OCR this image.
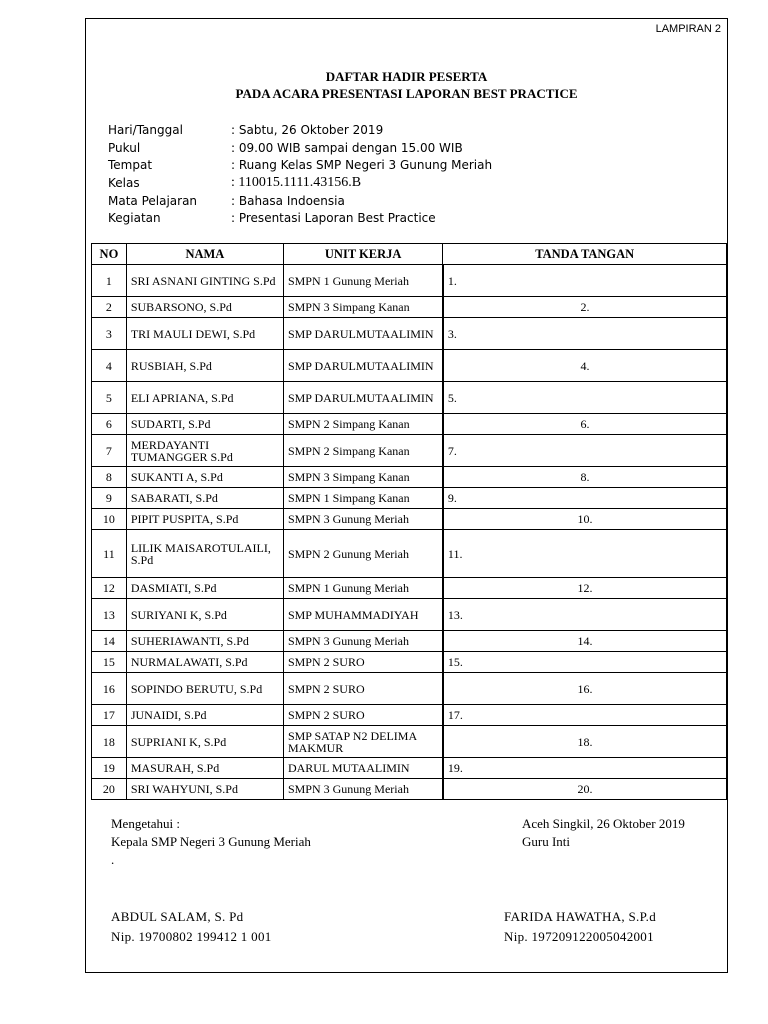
LAMPIRAN 2
DAFTAR HADIR PESERTA
PADA ACARA PRESENTASI LAPORAN BEST PRACTICE
Hari/Tanggal	: Sabtu, 26 Oktober 2019
Pukul	: 09.00 WIB sampai dengan 15.00 WIB
Tempat	: Ruang Kelas SMP Negeri 3 Gunung Meriah
Kelas	: 110015.1111.43156.B
Mata Pelajaran	: Bahasa Indoensia
Kegiatan	: Presentasi Laporan Best Practice
NO	NAMA	UNIT KERJA	TANDA TANGAN
1	SRI ASNANI GINTING S.Pd	SMPN 1 Gunung Meriah	1.
2	SUBARSONO, S.Pd	SMPN 3 Simpang Kanan	2.
3	TRI MAULI DEWI, S.Pd	SMP DARULMUTAALIMIN	3.
4	RUSBIAH, S.Pd	SMP DARULMUTAALIMIN	4.
5	ELI APRIANA, S.Pd	SMP DARULMUTAALIMIN	5.
6	SUDARTI, S.Pd	SMPN 2 Simpang Kanan	6.
7	MERDAYANTI TUMANGGER S.Pd	SMPN 2 Simpang Kanan	7.
8	SUKANTI A, S.Pd	SMPN 3 Simpang Kanan	8.
9	SABARATI, S.Pd	SMPN 1 Simpang Kanan	9.
10	PIPIT PUSPITA, S.Pd	SMPN 3 Gunung Meriah	10.
11	LILIK MAISAROTULAILI, S.Pd	SMPN 2 Gunung Meriah	11.
12	DASMIATI, S.Pd	SMPN 1 Gunung Meriah	12.
13	SURIYANI K, S.Pd	SMP MUHAMMADIYAH	13.
14	SUHERIAWANTI, S.Pd	SMPN 3 Gunung Meriah	14.
15	NURMALAWATI, S.Pd	SMPN 2 SURO	15.
16	SOPINDO BERUTU, S.Pd	SMPN 2 SURO	16.
17	JUNAIDI, S.Pd	SMPN 2 SURO	17.
18	SUPRIANI K, S.Pd	SMP SATAP N2 DELIMA MAKMUR	18.
19	MASURAH, S.Pd	DARUL MUTAALIMIN	19.
20	SRI WAHYUNI, S.Pd	SMPN 3 Gunung Meriah	20.
Mengetahui :
Kepala SMP Negeri 3 Gunung Meriah
.
Aceh Singkil, 26 Oktober 2019
Guru Inti
ABDUL SALAM, S. Pd
Nip. 19700802 199412 1 001
FARIDA HAWATHA, S.P.d
Nip. 197209122005042001
